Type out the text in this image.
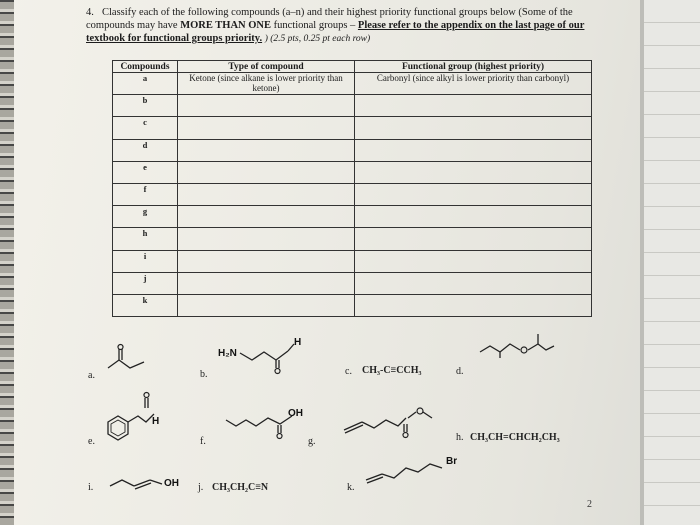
4. Classify each of the following compounds (a–n) and their highest priority functional groups below (Some of the compounds may have MORE THAN ONE functional groups – Please refer to the appendix on the last page of our textbook for functional groups priority. ) (2.5 pts, 0.25 pt each row)
Compounds	Type of compound	Functional group (highest priority)
a	Ketone (since alkane is lower priority than ketone)	Carbonyl (since alkyl is lower priority than carbonyl)
b		
c		
d		
e		
f		
g		
h		
i		
j		
k		
a.	b.
H₂N
H
c. CH₃-C≡CCH₃	d.
e.
H
f.
OH
g.	h. CH₃CH=CHCH₂CH₃
i.	OH j. CH₃CH₂C≡N	k.
Br
2
